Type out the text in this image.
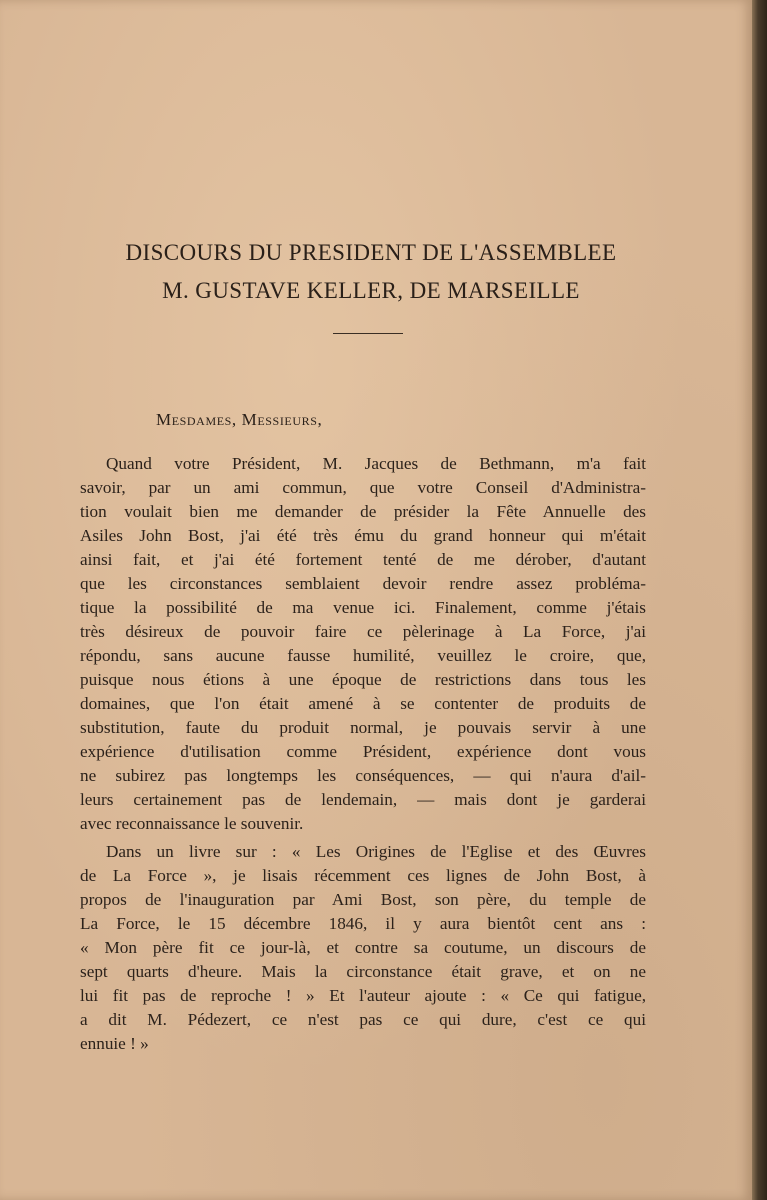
DISCOURS DU PRESIDENT DE L'ASSEMBLEE
M. GUSTAVE KELLER, DE MARSEILLE
Mesdames, Messieurs,
Quand votre Président, M. Jacques de Bethmann, m'a fait
savoir, par un ami commun, que votre Conseil d'Administra-
tion voulait bien me demander de présider la Fête Annuelle des
Asiles John Bost, j'ai été très ému du grand honneur qui m'était
ainsi fait, et j'ai été fortement tenté de me dérober, d'autant
que les circonstances semblaient devoir rendre assez probléma-
tique la possibilité de ma venue ici. Finalement, comme j'étais
très désireux de pouvoir faire ce pèlerinage à La Force, j'ai
répondu, sans aucune fausse humilité, veuillez le croire, que,
puisque nous étions à une époque de restrictions dans tous les
domaines, que l'on était amené à se contenter de produits de
substitution, faute du produit normal, je pouvais servir à une
expérience d'utilisation comme Président, expérience dont vous
ne subirez pas longtemps les conséquences, — qui n'aura d'ail-
leurs certainement pas de lendemain, — mais dont je garderai
avec reconnaissance le souvenir.
Dans un livre sur : « Les Origines de l'Eglise et des Œuvres
de La Force », je lisais récemment ces lignes de John Bost, à
propos de l'inauguration par Ami Bost, son père, du temple de
La Force, le 15 décembre 1846, il y aura bientôt cent ans :
« Mon père fit ce jour-là, et contre sa coutume, un discours de
sept quarts d'heure. Mais la circonstance était grave, et on ne
lui fit pas de reproche ! » Et l'auteur ajoute : « Ce qui fatigue,
a dit M. Pédezert, ce n'est pas ce qui dure, c'est ce qui
ennuie ! »
